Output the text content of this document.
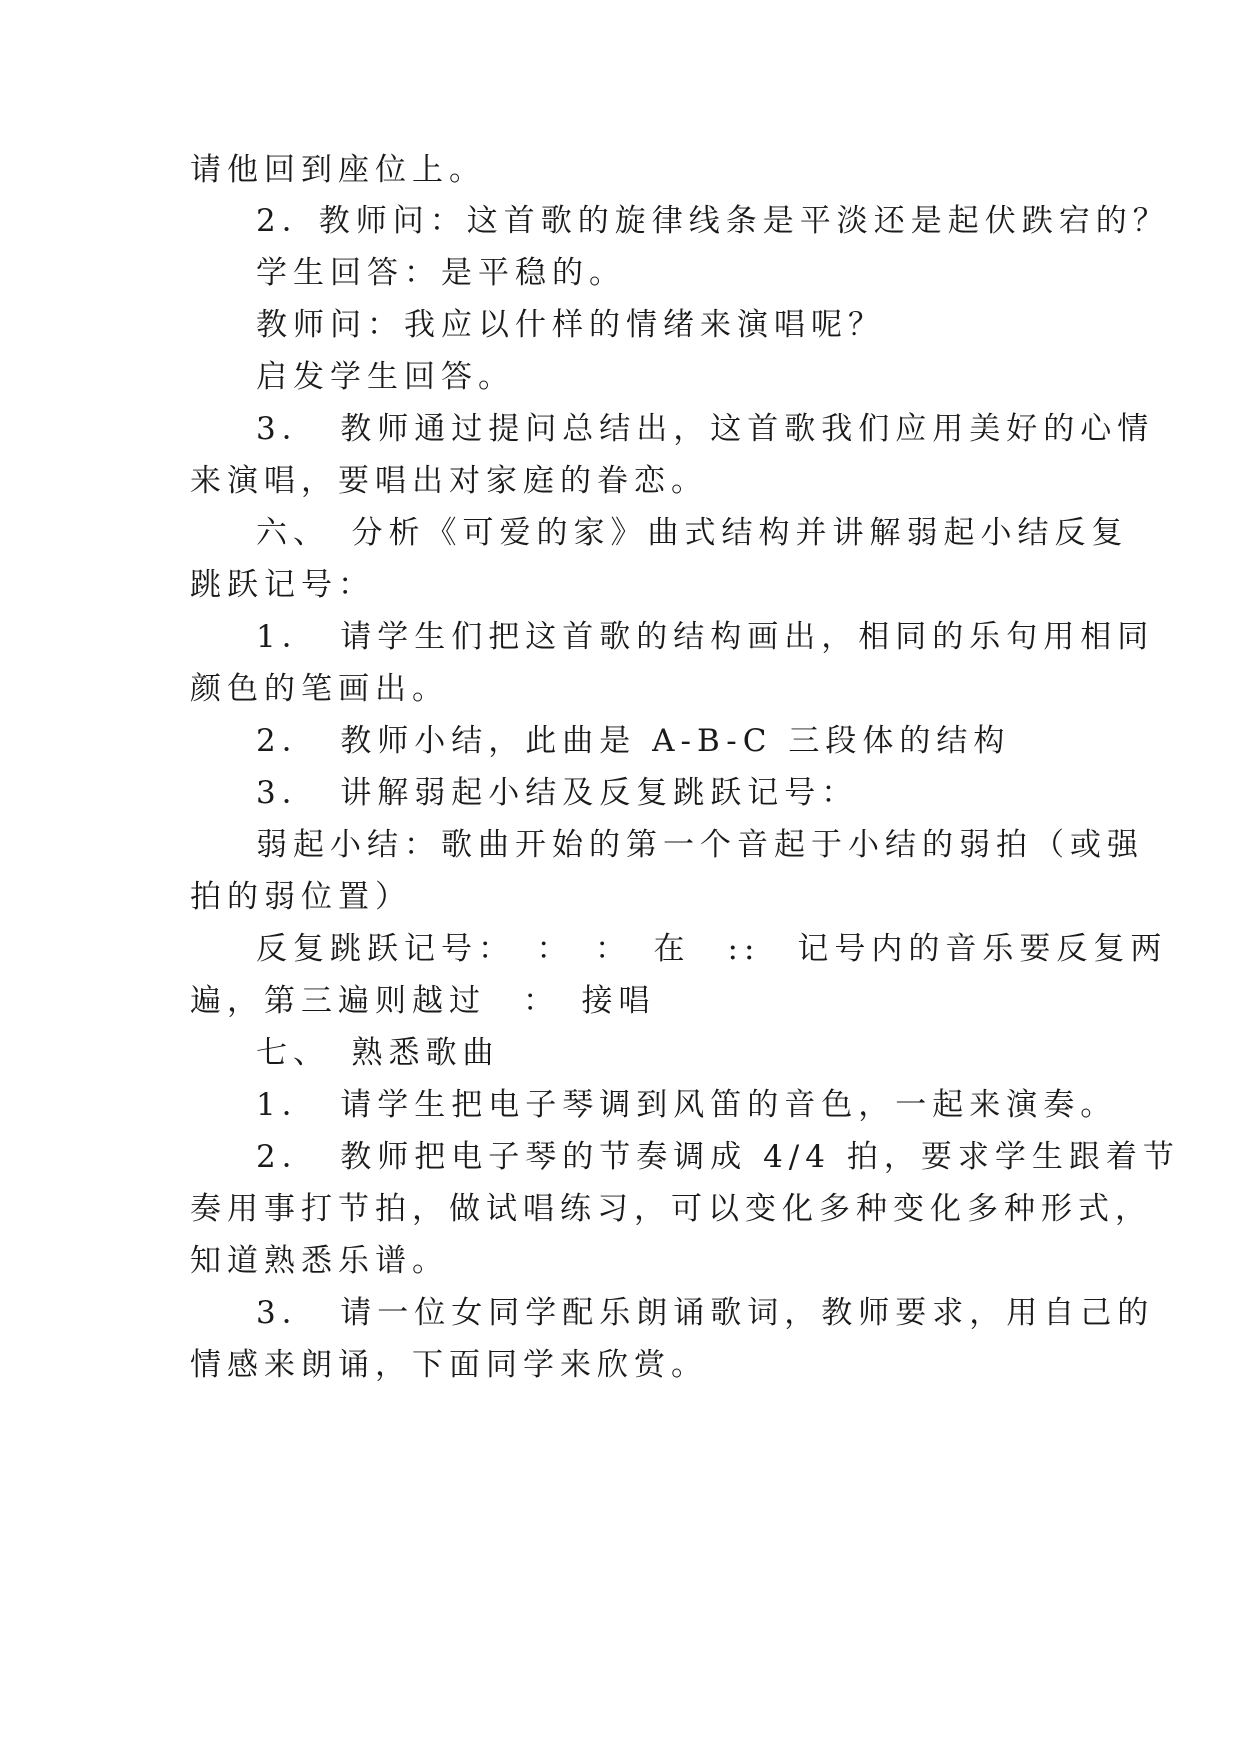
请他回到座位上。
2．教师问：这首歌的旋律线条是平淡还是起伏跌宕的？
学生回答：是平稳的。
教师问：我应以什样的情绪来演唱呢？
启发学生回答。
3．　教师通过提问总结出，这首歌我们应用美好的心情
来演唱，要唱出对家庭的眷恋。
六、　分析《可爱的家》曲式结构并讲解弱起小结反复
跳跃记号：
1．　请学生们把这首歌的结构画出，相同的乐句用相同
颜色的笔画出。
2．　教师小结，此曲是 A-B-C 三段体的结构
3．　讲解弱起小结及反复跳跃记号：
弱起小结：歌曲开始的第一个音起于小结的弱拍（或强
拍的弱位置）
反复跳跃记号：　：　：　在　::　记号内的音乐要反复两
遍，第三遍则越过　：　接唱
七、　熟悉歌曲
1．　请学生把电子琴调到风笛的音色，一起来演奏。
2．　教师把电子琴的节奏调成 4/4 拍，要求学生跟着节
奏用事打节拍，做试唱练习，可以变化多种变化多种形式，
知道熟悉乐谱。
3．　请一位女同学配乐朗诵歌词，教师要求，用自己的
情感来朗诵，下面同学来欣赏。
